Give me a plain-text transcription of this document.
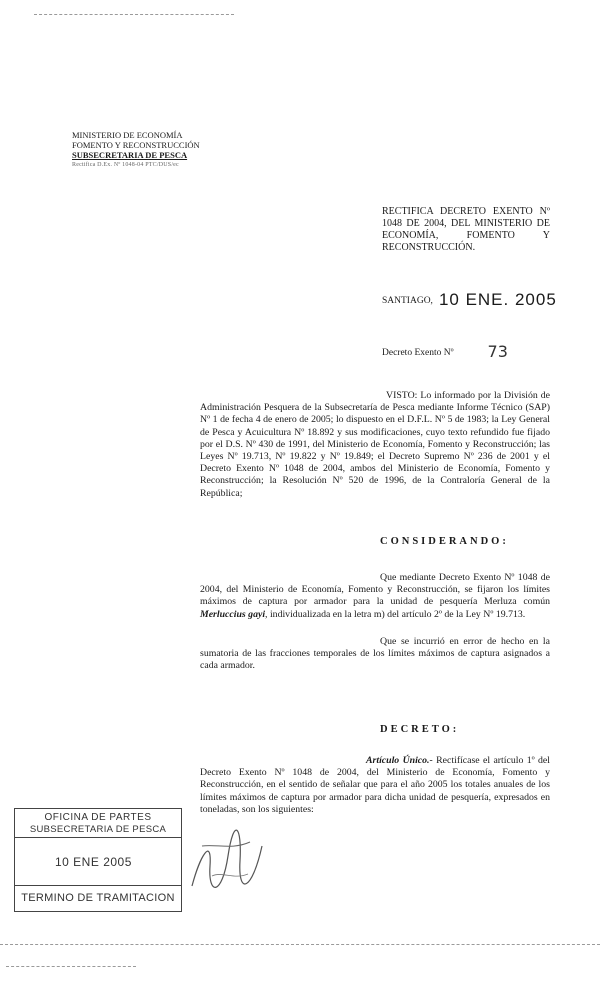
MINISTERIO DE ECONOMÍA
FOMENTO Y RECONSTRUCCIÓN
SUBSECRETARIA DE PESCA
Rectifica D.Ex. Nº 1048-04 PTC/DUS/ec
RECTIFICA DECRETO EXENTO Nº 1048 DE 2004, DEL MINISTERIO DE ECONOMÍA, FOMENTO Y RECONSTRUCCIÓN.
SANTIAGO, 10 ENE. 2005
Decreto Exento Nº 73
VISTO: Lo informado por la División de Administración Pesquera de la Subsecretaría de Pesca mediante Informe Técnico (SAP) Nº 1 de fecha 4 de enero de 2005; lo dispuesto en el D.F.L. Nº 5 de 1983; la Ley General de Pesca y Acuicultura Nº 18.892 y sus modificaciones, cuyo texto refundido fue fijado por el D.S. Nº 430 de 1991, del Ministerio de Economía, Fomento y Reconstrucción; las Leyes Nº 19.713, Nº 19.822 y Nº 19.849; el Decreto Supremo Nº 236 de 2001 y el Decreto Exento Nº 1048 de 2004, ambos del Ministerio de Economía, Fomento y Reconstrucción; la Resolución Nº 520 de 1996, de la Contraloría General de la República;
CONSIDERANDO:
Que mediante Decreto Exento Nº 1048 de 2004, del Ministerio de Economía, Fomento y Reconstrucción, se fijaron los límites máximos de captura por armador para la unidad de pesquería Merluza común Merluccius gayi, individualizada en la letra m) del artículo 2º de la Ley Nº 19.713.
Que se incurrió en error de hecho en la sumatoria de las fracciones temporales de los límites máximos de captura asignados a cada armador.
DECRETO:
Artículo Único.- Rectifícase el artículo 1º del Decreto Exento Nº 1048 de 2004, del Ministerio de Economía, Fomento y Reconstrucción, en el sentido de señalar que para el año 2005 los totales anuales de los límites máximos de captura por armador para dicha unidad de pesquería, expresados en toneladas, son los siguientes:
OFICINA DE PARTES
SUBSECRETARIA DE PESCA
10 ENE 2005
TERMINO DE TRAMITACION
